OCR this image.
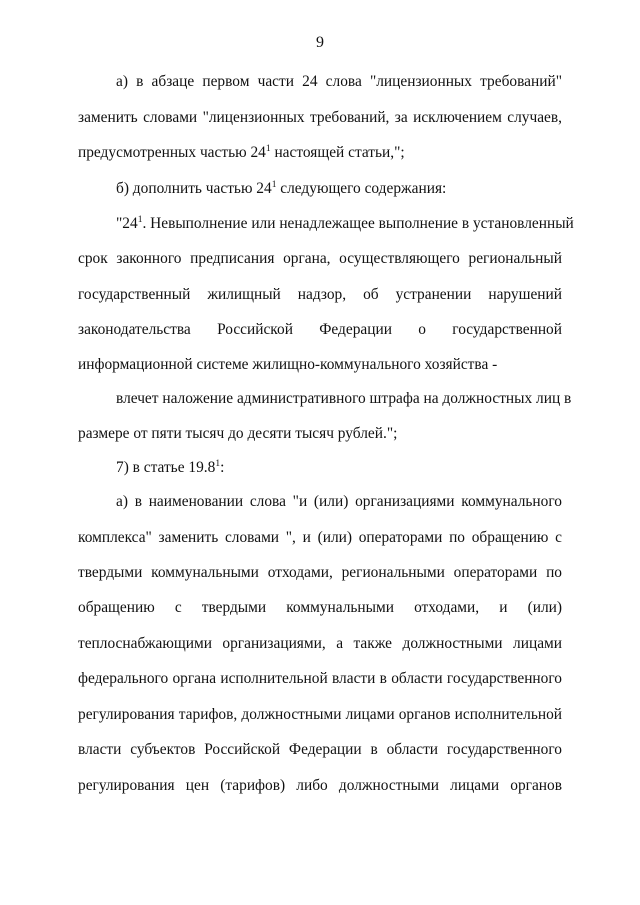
9
а) в абзаце первом части 24 слова "лицензионных требований"
заменить словами "лицензионных требований, за исключением случаев,
предусмотренных частью $24^1$ настоящей статьи,";
б) дополнить частью $24^1$ следующего содержания:
"$24^1$. Невыполнение или ненадлежащее выполнение в установленный
срок законного предписания органа, осуществляющего региональный
государственный жилищный надзор, об устранении нарушений
законодательства Российской Федерации о государственной
информационной системе жилищно-коммунального хозяйства -
влечет наложение административного штрафа на должностных лиц в
размере от пяти тысяч до десяти тысяч рублей.";
7) в статье 19.8$^1$:
а) в наименовании слова "и (или) организациями коммунального
комплекса" заменить словами ", и (или) операторами по обращению с
твердыми коммунальными отходами, региональными операторами по
обращению с твердыми коммунальными отходами, и (или)
теплоснабжающими организациями, а также должностными лицами
федерального органа исполнительной власти в области государственного
регулирования тарифов, должностными лицами органов исполнительной
власти субъектов Российской Федерации в области государственного
регулирования цен (тарифов) либо должностными лицами органов
